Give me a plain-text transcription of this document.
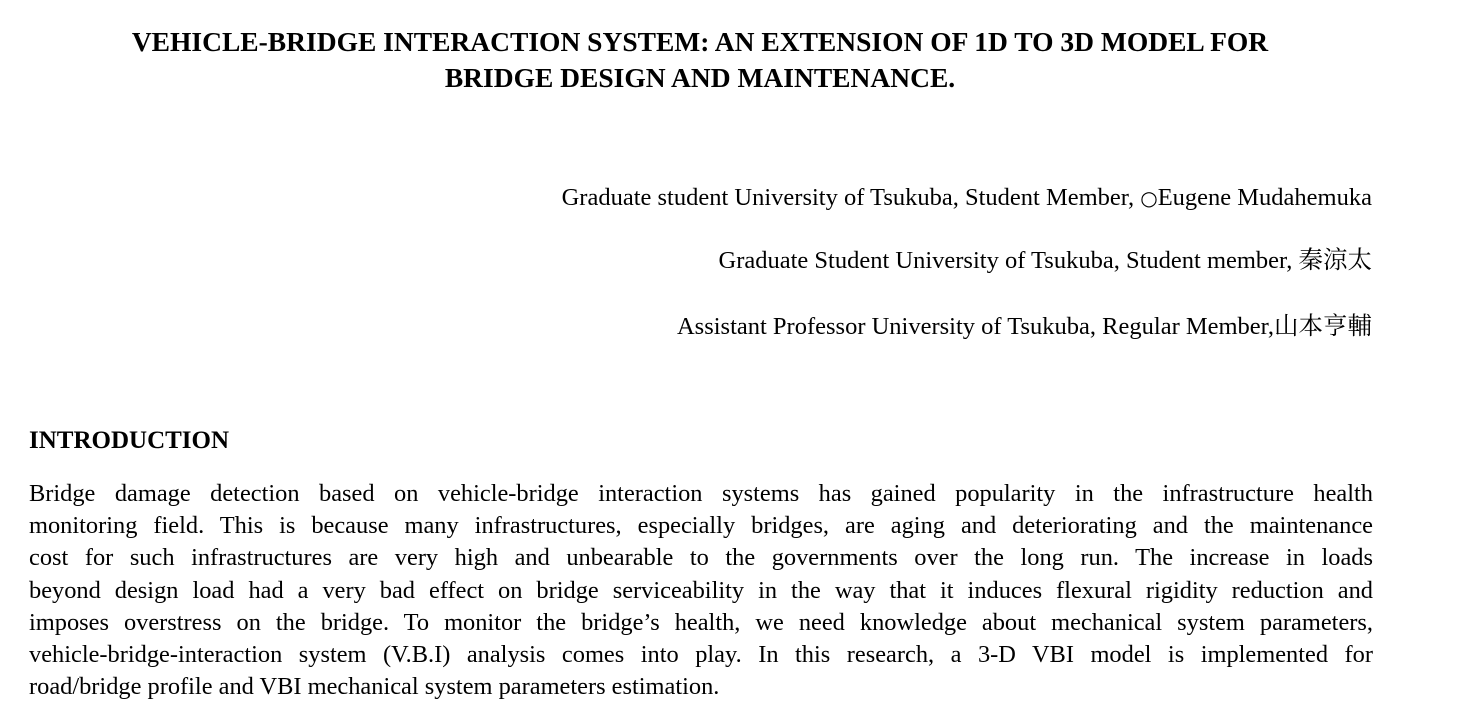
VEHICLE-BRIDGE INTERACTION SYSTEM: AN EXTENSION OF 1D TO 3D MODEL FOR
BRIDGE DESIGN AND MAINTENANCE.
Graduate student University of Tsukuba, Student Member, ○Eugene Mudahemuka
Graduate Student University of Tsukuba, Student member, 秦涼太
Assistant Professor University of Tsukuba, Regular Member,山本亨輔
INTRODUCTION

Bridge damage detection based on vehicle-bridge interaction systems has gained popularity in the infrastructure health
monitoring field. This is because many infrastructures, especially bridges, are aging and deteriorating and the maintenance
cost for such infrastructures are very high and unbearable to the governments over the long run. The increase in loads
beyond design load had a very bad effect on bridge serviceability in the way that it induces flexural rigidity reduction and
imposes overstress on the bridge. To monitor the bridge’s health, we need knowledge about mechanical system parameters,
vehicle-bridge-interaction system (V.B.I) analysis comes into play. In this research, a 3-D VBI model is implemented for
road/bridge profile and VBI mechanical system parameters estimation.
